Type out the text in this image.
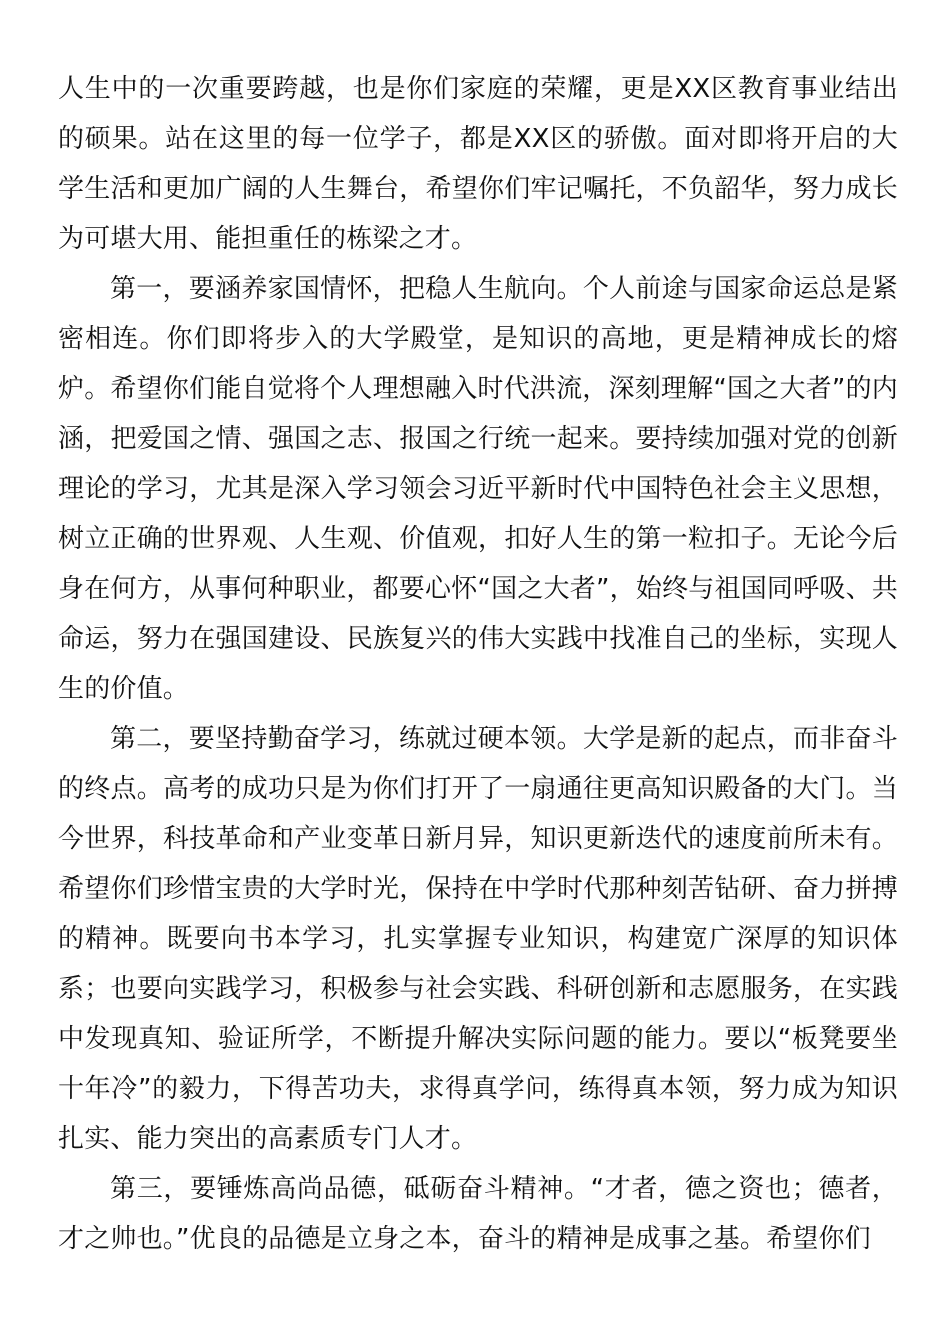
人生中的一次重要跨越，也是你们家庭的荣耀，更是XX区教育事业结出的硕果。站在这里的每一位学子，都是XX区的骄傲。面对即将开启的大学生活和更加广阔的人生舞台，希望你们牢记嘱托，不负韶华，努力成长为可堪大用、能担重任的栋梁之才。

第一，要涵养家国情怀，把稳人生航向。个人前途与国家命运总是紧密相连。你们即将步入的大学殿堂，是知识的高地，更是精神成长的熔炉。希望你们能自觉将个人理想融入时代洪流，深刻理解“国之大者”的内涵，把爱国之情、强国之志、报国之行统一起来。要持续加强对党的创新理论的学习，尤其是深入学习领会习近平新时代中国特色社会主义思想，树立正确的世界观、人生观、价值观，扣好人生的第一粒扣子。无论今后身在何方，从事何种职业，都要心怀“国之大者”，始终与祖国同呼吸、共命运，努力在强国建设、民族复兴的伟大实践中找准自己的坐标，实现人生的价值。

第二，要坚持勤奋学习，练就过硬本领。大学是新的起点，而非奋斗的终点。高考的成功只是为你们打开了一扇通往更高知识殿备的大门。当今世界，科技革命和产业变革日新月异，知识更新迭代的速度前所未有。希望你们珍惜宝贵的大学时光，保持在中学时代那种刻苦钻研、奋力拼搏的精神。既要向书本学习，扎实掌握专业知识，构建宽广深厚的知识体系；也要向实践学习，积极参与社会实践、科研创新和志愿服务，在实践中发现真知、验证所学，不断提升解决实际问题的能力。要以“板凳要坐十年冷”的毅力，下得苦功夫，求得真学问，练得真本领，努力成为知识扎实、能力突出的高素质专门人才。

第三，要锤炼高尚品德，砥砺奋斗精神。“才者，德之资也；德者，才之帅也。”优良的品德是立身之本，奋斗的精神是成事之基。希望你们
